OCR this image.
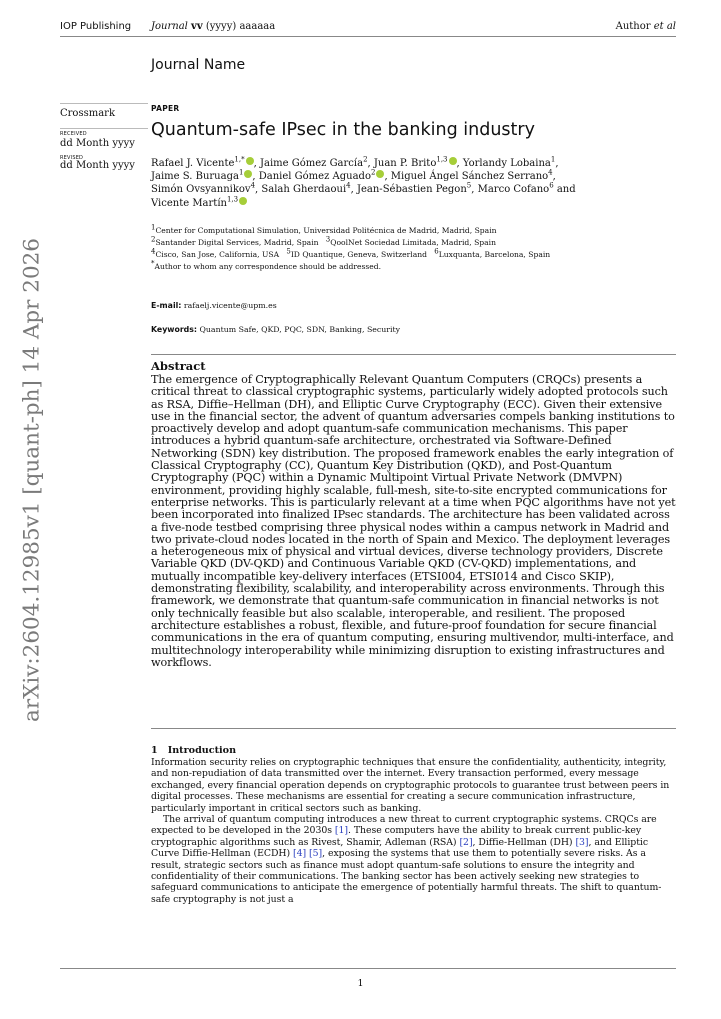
IOP Publishing Journal vv (yyyy) aaaaaa	Author et al
Journal Name
Crossmark
RECEIVED
dd Month yyyy
REVISED
dd Month yyyy
PAPER
Quantum-safe IPsec in the banking industry
Rafael J. Vicente$^{1,*}$ , Jaime Gómez García$^2$, Juan P. Brito$^{1,3}$ , Yorlandy Lobaina$^1$,
Jaime S. Buruaga$^1$ , Daniel Gómez Aguado$^2$ , Miguel Ángel Sánchez Serrano$^4$,
Simón Ovsyannikov$^4$, Salah Gherdaoui$^4$, Jean-Sébastien Pegon$^5$, Marco Cofano$^6$ and
Vicente Martín$^{1,3}$
$^1$Center for Computational Simulation, Universidad Politécnica de Madrid, Madrid, Spain
$^2$Santander Digital Services, Madrid, Spain $^3$QoolNet Sociedad Limitada, Madrid, Spain
$^4$Cisco, San Jose, California, USA $^5$ID Quantique, Geneva, Switzerland $^6$Luxquanta, Barcelona, Spain
*Author to whom any correspondence should be addressed.
E-mail: rafaelj.vicente@upm.es
Keywords: Quantum Safe, QKD, PQC, SDN, Banking, Security
Abstract
The emergence of Cryptographically Relevant Quantum Computers (CRQCs) presents a critical threat to classical cryptographic systems, particularly widely adopted protocols such as RSA, Diffie–Hellman (DH), and Elliptic Curve Cryptography (ECC). Given their extensive use in the financial sector, the advent of quantum adversaries compels banking institutions to proactively develop and adopt quantum-safe communication mechanisms. This paper introduces a hybrid quantum-safe architecture, orchestrated via Software-Defined Networking (SDN) key distribution. The proposed framework enables the early integration of Classical Cryptography (CC), Quantum Key Distribution (QKD), and Post-Quantum Cryptography (PQC) within a Dynamic Multipoint Virtual Private Network (DMVPN) environment, providing highly scalable, full-mesh, site-to-site encrypted communications for enterprise networks. This is particularly relevant at a time when PQC algorithms have not yet been incorporated into finalized IPsec standards. The architecture has been validated across a five-node testbed comprising three physical nodes within a campus network in Madrid and two private-cloud nodes located in the north of Spain and Mexico. The deployment leverages a heterogeneous mix of physical and virtual devices, diverse technology providers, Discrete Variable QKD (DV-QKD) and Continuous Variable QKD (CV-QKD) implementations, and mutually incompatible key-delivery interfaces (ETSI004, ETSI014 and Cisco SKIP), demonstrating flexibility, scalability, and interoperability across environments. Through this framework, we demonstrate that quantum-safe communication in financial networks is not only technically feasible but also scalable, interoperable, and resilient. The proposed architecture establishes a robust, flexible, and future-proof foundation for secure financial communications in the era of quantum computing, ensuring multivendor, multi-interface, and multitechnology interoperability while minimizing disruption to existing infrastructures and workflows.
1 Introduction

Information security relies on cryptographic techniques that ensure the confidentiality, authenticity, integrity, and non-repudiation of data transmitted over the internet. Every transaction performed, every message exchanged, every financial operation depends on cryptographic protocols to guarantee trust between peers in digital processes. These mechanisms are essential for creating a secure communication infrastructure, particularly important in critical sectors such as banking.

The arrival of quantum computing introduces a new threat to current cryptographic systems. CRQCs are expected to be developed in the 2030s [1]. These computers have the ability to break current public-key cryptographic algorithms such as Rivest, Shamir, Adleman (RSA) [2], Diffie-Hellman (DH) [3], and Elliptic Curve Diffie-Hellman (ECDH) [4] [5], exposing the systems that use them to potentially severe risks. As a result, strategic sectors such as finance must adopt quantum-safe solutions to ensure the integrity and confidentiality of their communications. The banking sector has been actively seeking new strategies to safeguard communications to anticipate the emergence of potentially harmful threats. The shift to quantum-safe cryptography is not just a

1
arXiv:2604.12985v1 [quant-ph] 14 Apr 2026
